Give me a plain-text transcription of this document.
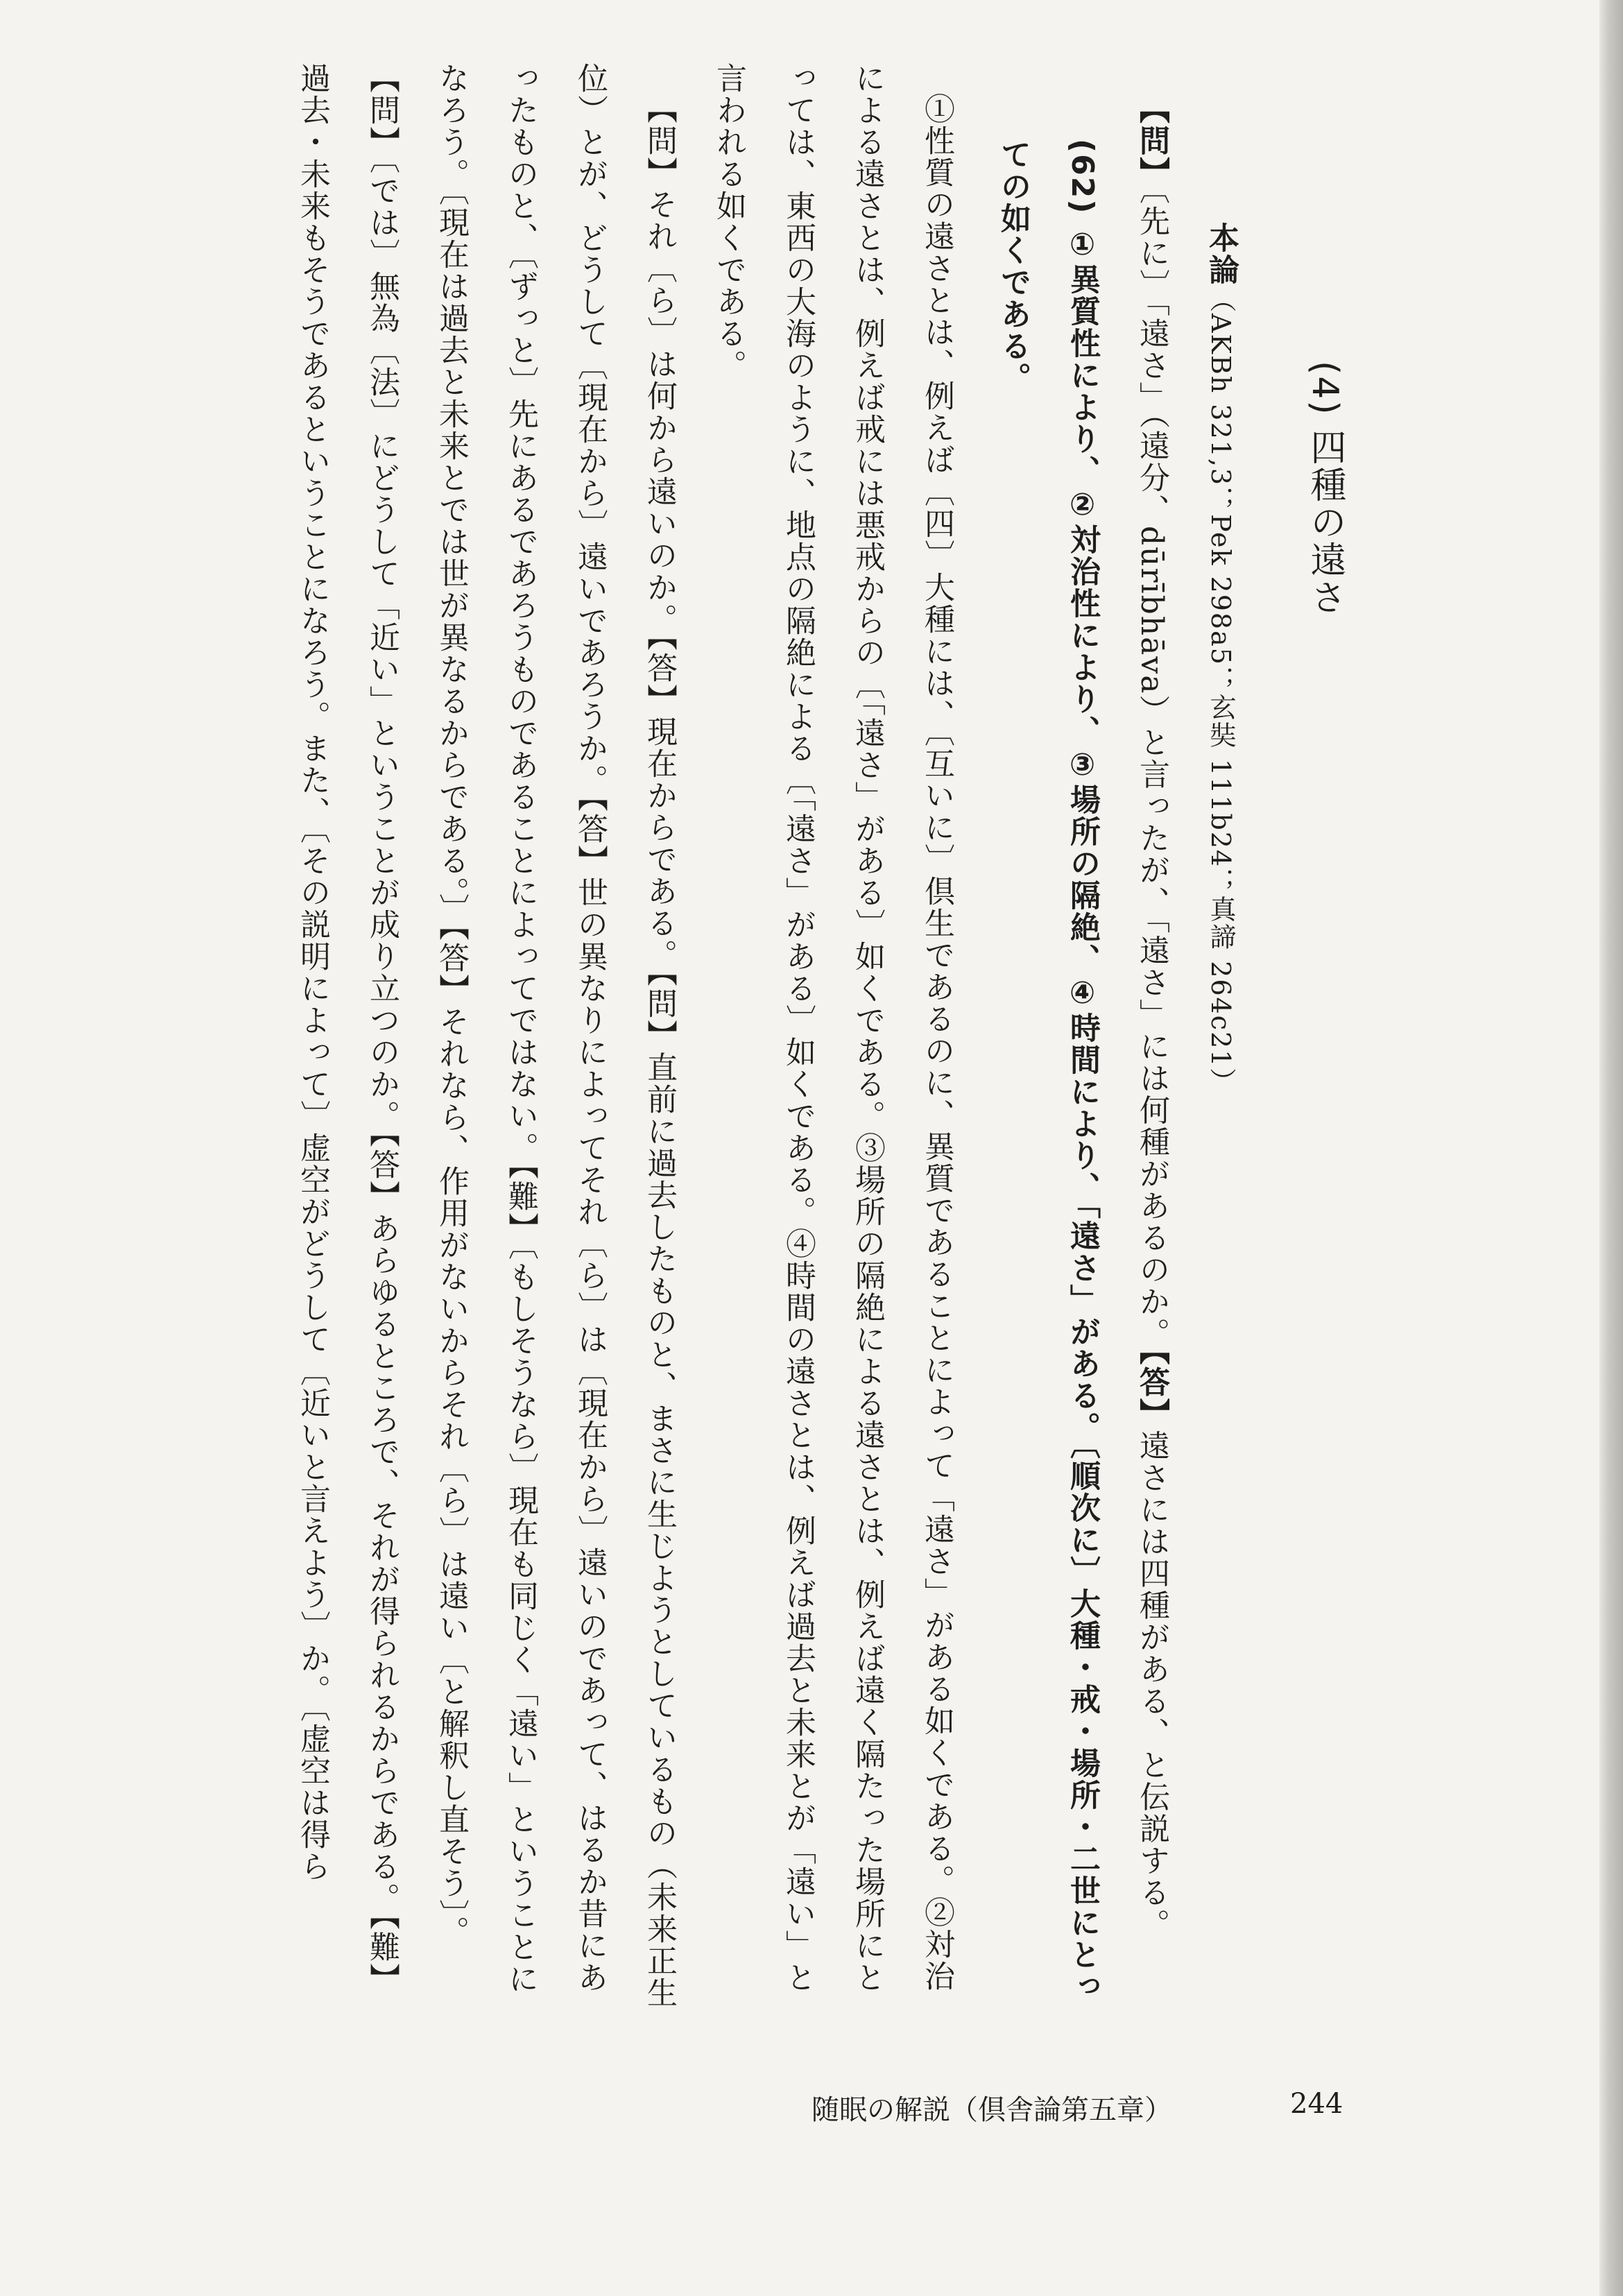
(4) 四種の遠さ

本論（AKBh 321,3；Pek 298a5；玄奘 111b24；真諦 264c21）

【問】〔先に〕「遠さ」（遠分、dūrībhāva）と言ったが、「遠さ」には何種があるのか。【答】遠さには四種がある、と伝説する。

(62) ①異質性により、②対治性により、③場所の隔絶、④時間により、「遠さ」がある。〔順次に〕大種・戒・場所・二世にとっての如くである。

①性質の遠さとは、例えば〔四〕大種には、〔互いに〕倶生であるのに、異質であることによって「遠さ」がある如くである。②対治による遠さとは、例えば戒には悪戒からの〔「遠さ」がある〕如くである。③場所の隔絶による遠さとは、例えば遠く隔たった場所にとっては、東西の大海のように、地点の隔絶による〔「遠さ」がある〕如くである。④時間の遠さとは、例えば過去と未来とが「遠い」と言われる如くである。

【問】それ〔ら〕は何から遠いのか。【答】現在からである。【問】直前に過去したものと、まさに生じようとしているもの（未来正生位）とが、どうして〔現在から〕遠いであろうか。【答】世の異なりによってそれ〔ら〕は〔現在から〕遠いのであって、はるか昔にあったものと、〔ずっと〕先にあるであろうものであることによってではない。【難】〔もしそうなら〕現在も同じく「遠い」ということになろう。〔現在は過去と未来とでは世が異なるからである。〕【答】それなら、作用がないからそれ〔ら〕は遠い〔と解釈し直そう〕。【問】〔では〕無為〔法〕にどうして「近い」ということが成り立つのか。【答】あらゆるところで、それが得られるからである。【難】過去・未来もそうであるということになろう。また、〔その説明によって〕虚空がどうして〔近いと言えよう〕か。〔虚空は得ら

随眠の解説（倶舎論第五章）	244
